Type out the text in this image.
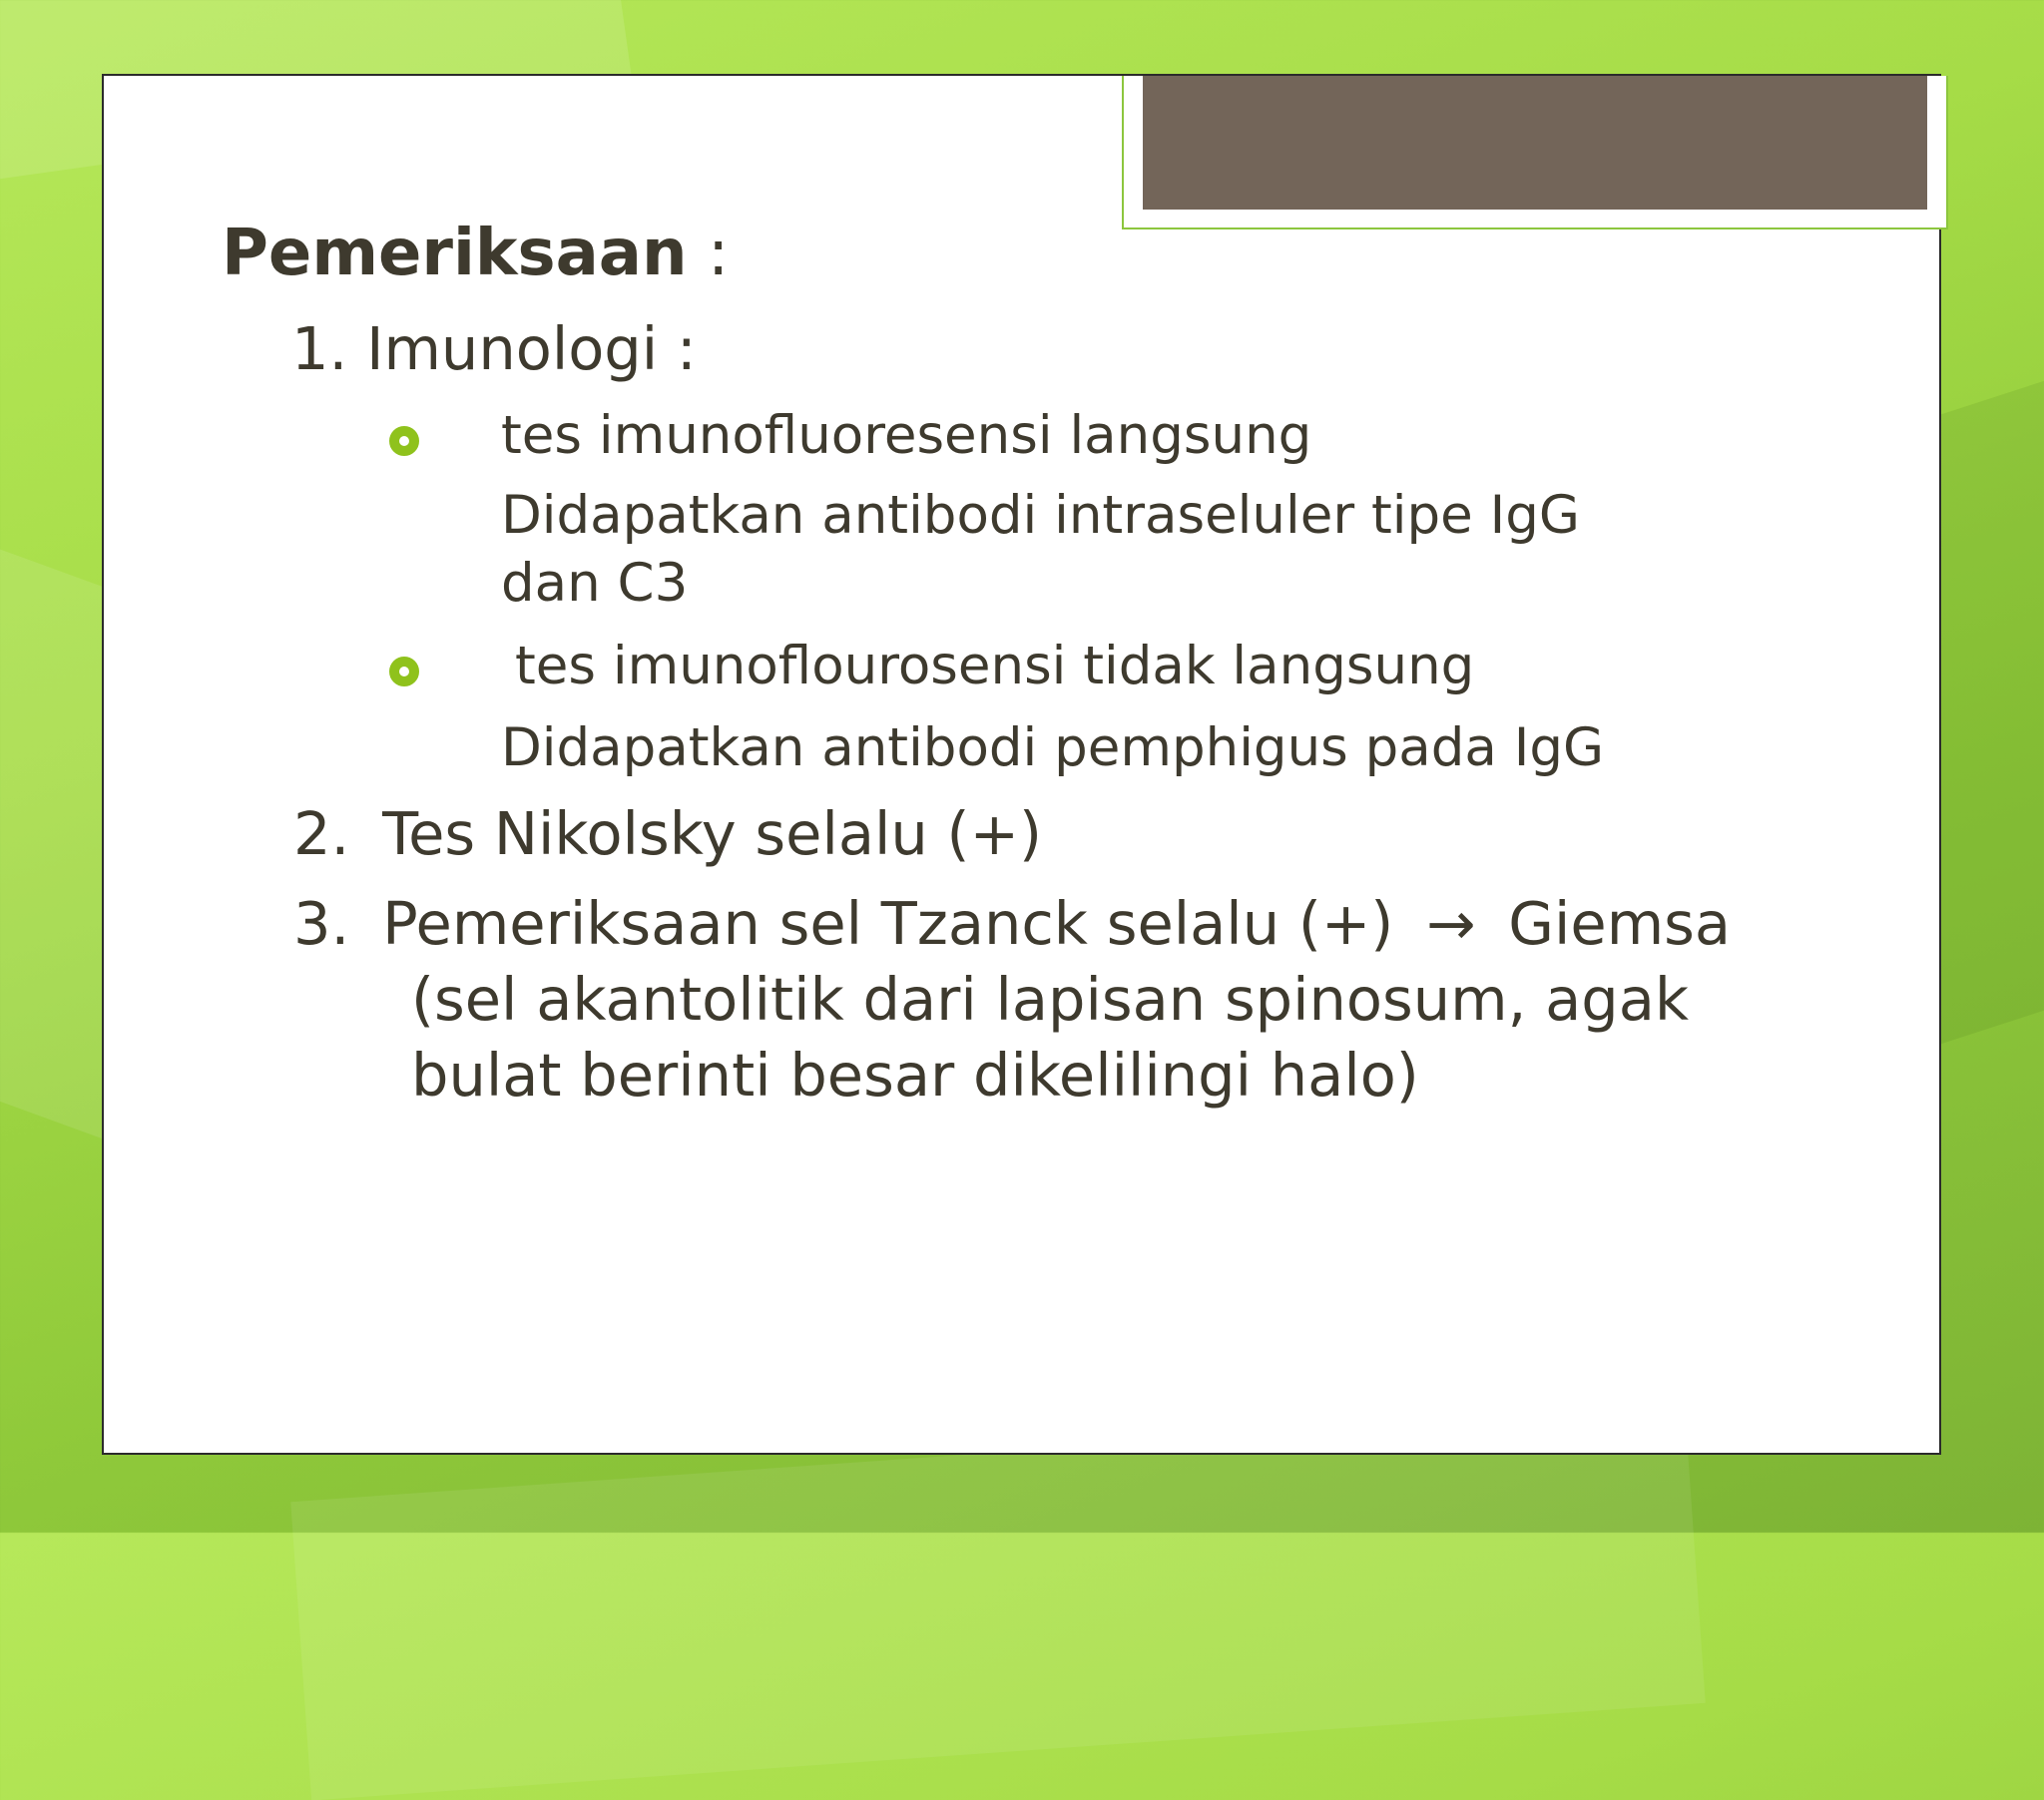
Pemeriksaan :
1. Imunologi :
tes imunofluoresensi langsung
Didapatkan antibodi intraseluler tipe IgG
dan C3
tes imunoflourosensi tidak langsung
Didapatkan antibodi pemphigus pada IgG
2. Tes Nikolsky selalu (+)
3. Pemeriksaan sel Tzanck selalu (+) → Giemsa
(sel akantolitik dari lapisan spinosum, agak
bulat berinti besar dikelilingi halo)
